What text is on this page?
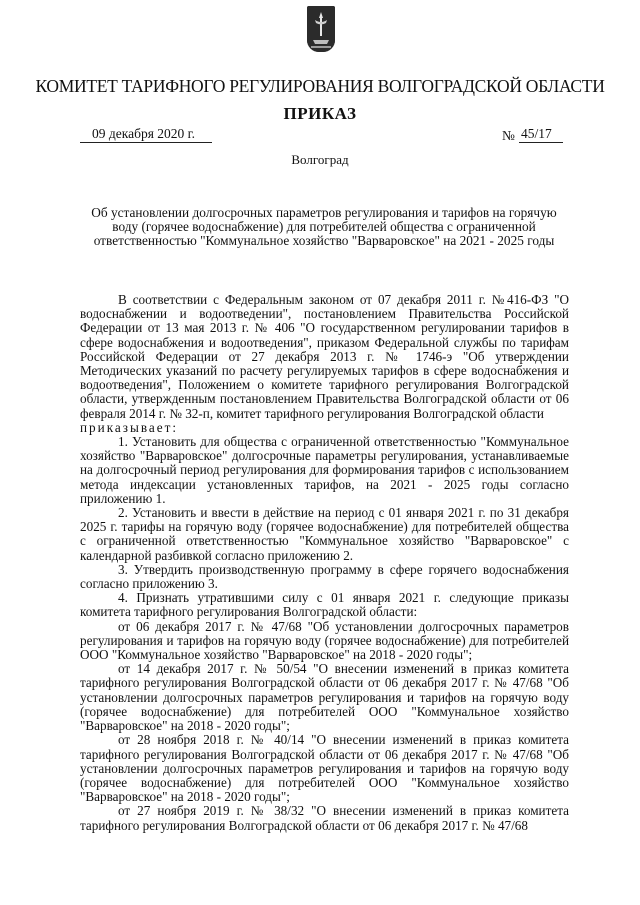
КОМИТЕТ ТАРИФНОГО РЕГУЛИРОВАНИЯ ВОЛГОГРАДСКОЙ ОБЛАСТИ
ПРИКАЗ
09 декабря 2020 г.	№ 45/17
Волгоград
Об установлении долгосрочных параметров регулирования и тарифов на горячую воду (горячее водоснабжение) для потребителей общества с ограниченной ответственностью "Коммунальное хозяйство "Варваровское" на 2021 - 2025 годы

В соответствии с Федеральным законом от 07 декабря 2011 г. №416-ФЗ "О водоснабжении и водоотведении", постановлением Правительства Российской Федерации от 13 мая 2013 г. № 406 "О государственном регулировании тарифов в сфере водоснабжения и водоотведения", приказом Федеральной службы по тарифам Российской Федерации от 27 декабря 2013 г. № 1746-э "Об утверждении Методических указаний по расчету регулируемых тарифов в сфере водоснабжения и водоотведения", Положением о комитете тарифного регулирования Волгоградской области, утвержденным постановлением Правительства Волгоградской области от 06 февраля 2014 г. № 32-п, комитет тарифного регулирования Волгоградской области

приказывает:

1. Установить для общества с ограниченной ответственностью "Коммунальное хозяйство "Варваровское" долгосрочные параметры регулирования, устанавливаемые на долгосрочный период регулирования для формирования тарифов с использованием метода индексации установленных тарифов, на 2021 - 2025 годы согласно приложению 1.

2. Установить и ввести в действие на период с 01 января 2021 г. по 31 декабря 2025 г. тарифы на горячую воду (горячее водоснабжение) для потребителей общества с ограниченной ответственностью "Коммунальное хозяйство "Варваровское" с календарной разбивкой согласно приложению 2.

3. Утвердить производственную программу в сфере горячего водоснабжения согласно приложению 3.

4. Признать утратившими силу с 01 января 2021 г. следующие приказы комитета тарифного регулирования Волгоградской области:

от 06 декабря 2017 г. № 47/68 "Об установлении долгосрочных параметров регулирования и тарифов на горячую воду (горячее водоснабжение) для потребителей ООО "Коммунальное хозяйство "Варваровское" на 2018 - 2020 годы";

от 14 декабря 2017 г. № 50/54 "О внесении изменений в приказ комитета тарифного регулирования Волгоградской области от 06 декабря 2017 г. № 47/68 "Об установлении долгосрочных параметров регулирования и тарифов на горячую воду (горячее водоснабжение) для потребителей ООО "Коммунальное хозяйство "Варваровское" на 2018 - 2020 годы";

от 28 ноября 2018 г. № 40/14 "О внесении изменений в приказ комитета тарифного регулирования Волгоградской области от 06 декабря 2017 г. № 47/68 "Об установлении долгосрочных параметров регулирования и тарифов на горячую воду (горячее водоснабжение) для потребителей ООО "Коммунальное хозяйство "Варваровское" на 2018 - 2020 годы";

от 27 ноября 2019 г. № 38/32 "О внесении изменений в приказ комитета тарифного регулирования Волгоградской области от 06 декабря 2017 г. № 47/68
